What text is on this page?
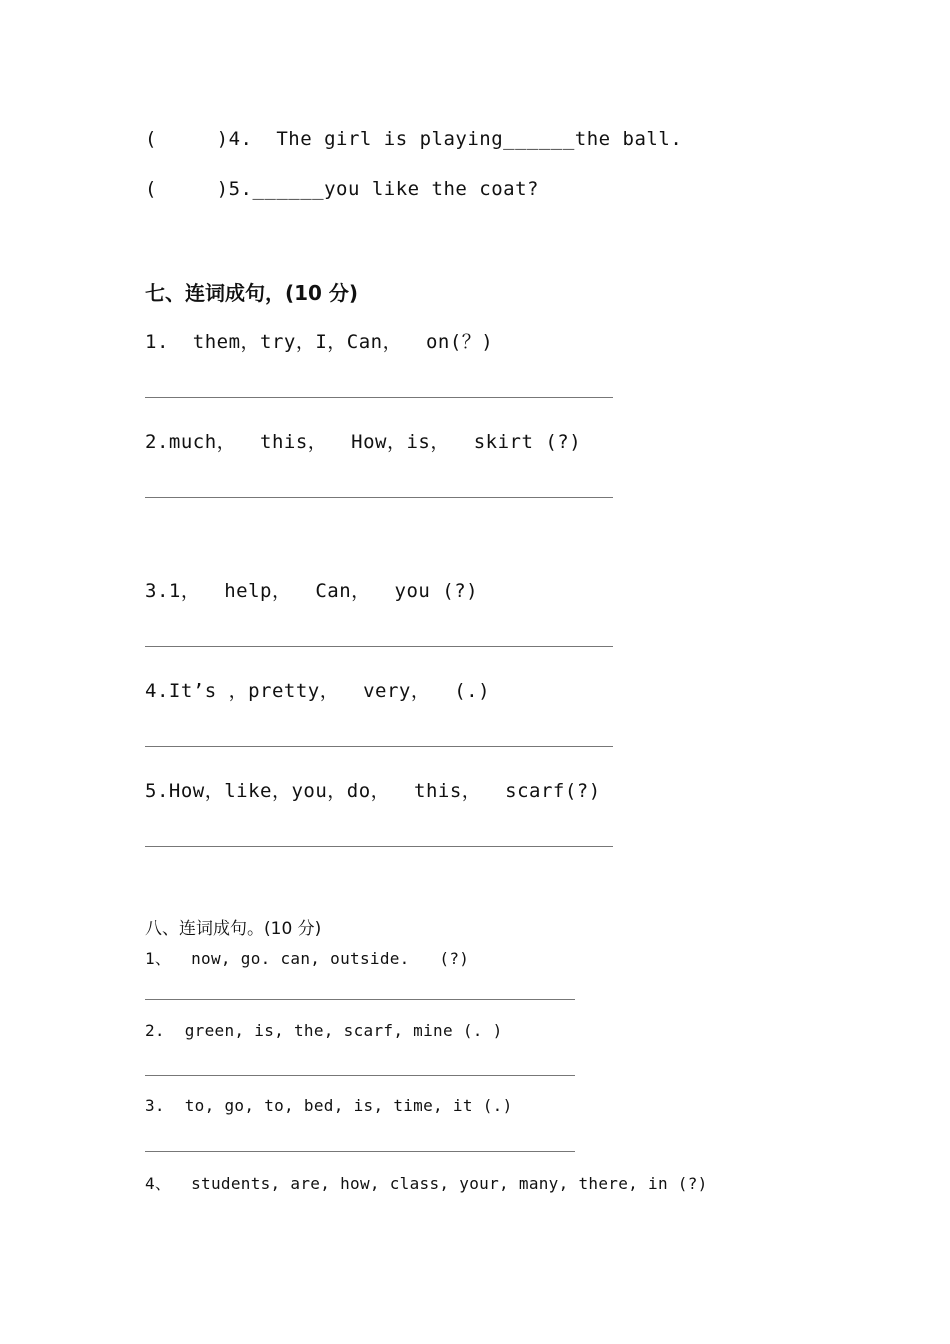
(     )4.  The girl is playing______the ball.
(     )5.______you like the coat?
七、连词成句，(10 分)
1.  them，try，I，Can，  on(？)
2.much，  this，  How，is，  skirt (?)
3.1，  help，  Can，  you (?)
4.It’s ，pretty，  very，  (.)
5.How，like，you，do，  this，  scarf(?)
八、连词成句。(10 分)
1、  now, go. can, outside.   (?)
2.  green, is, the, scarf, mine (. )
3.  to, go, to, bed, is, time, it (.)
4、  students, are, how, class, your, many, there, in (?)
